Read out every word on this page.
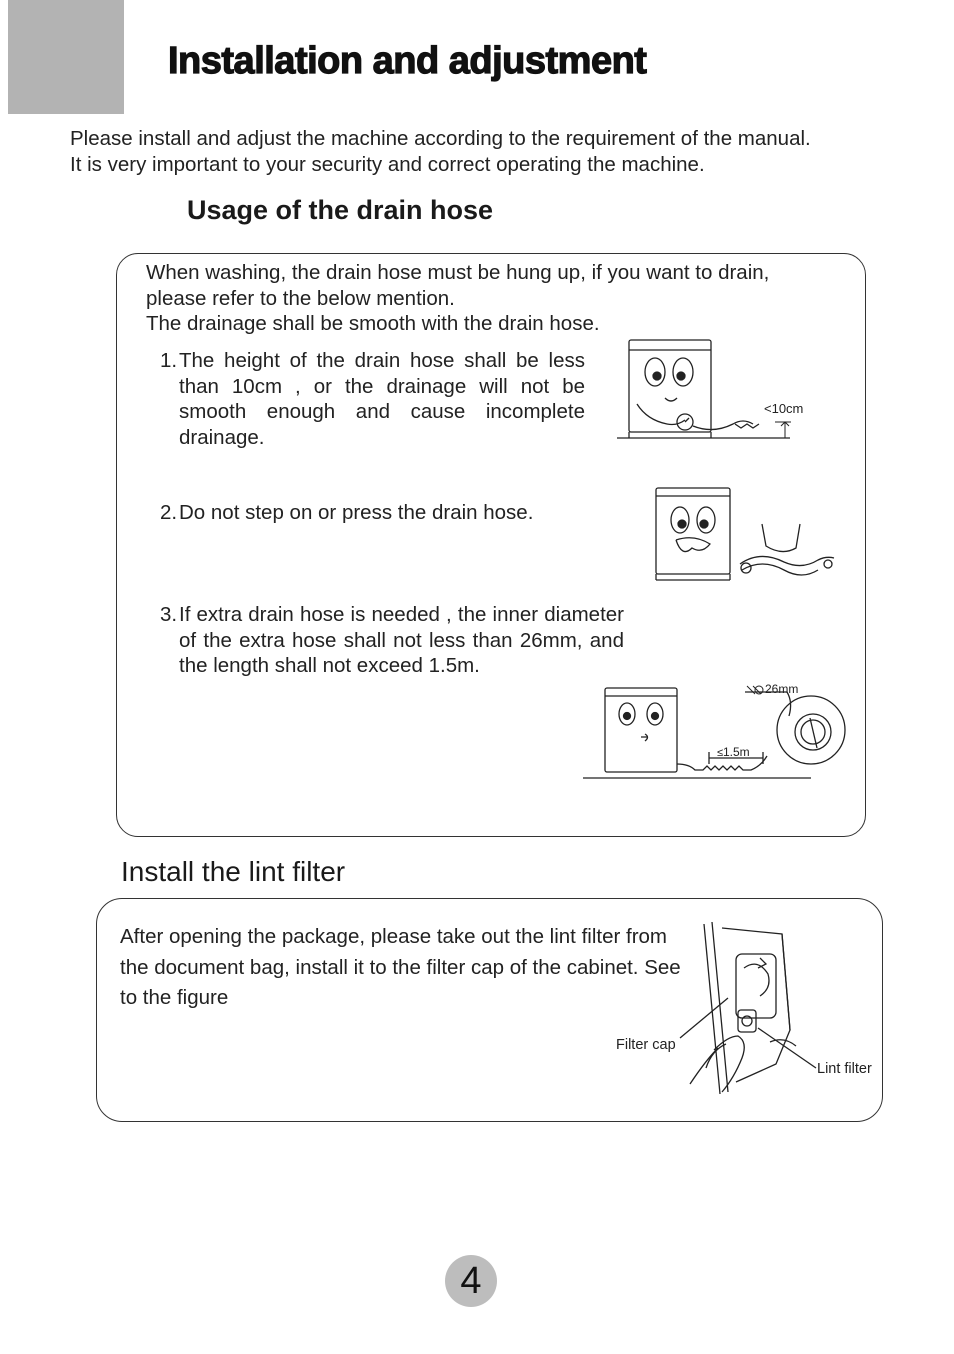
Installation and adjustment
Please install and adjust the machine according to the requirement of the manual.
It is very important to your security and correct operating the machine.
Usage of the drain hose
When washing, the drain hose must be hung up, if you want to drain,
please refer to the below mention.
The drainage shall be smooth with the drain hose.
1. The height of the drain hose shall be less than 10cm , or the drainage will not be smooth enough and cause incomplete drainage.
2. Do not step on or press the drain hose.
3. If extra drain hose is needed , the inner diameter of the extra hose shall not less than 26mm, and the length shall not exceed 1.5m.
<10cm
26mm
1.5m
≤
Install the lint filter
After opening the package, please take out the lint filter from the document bag, install it to the filter cap of the cabinet. See to the figure
Filter cap
Lint filter
4
